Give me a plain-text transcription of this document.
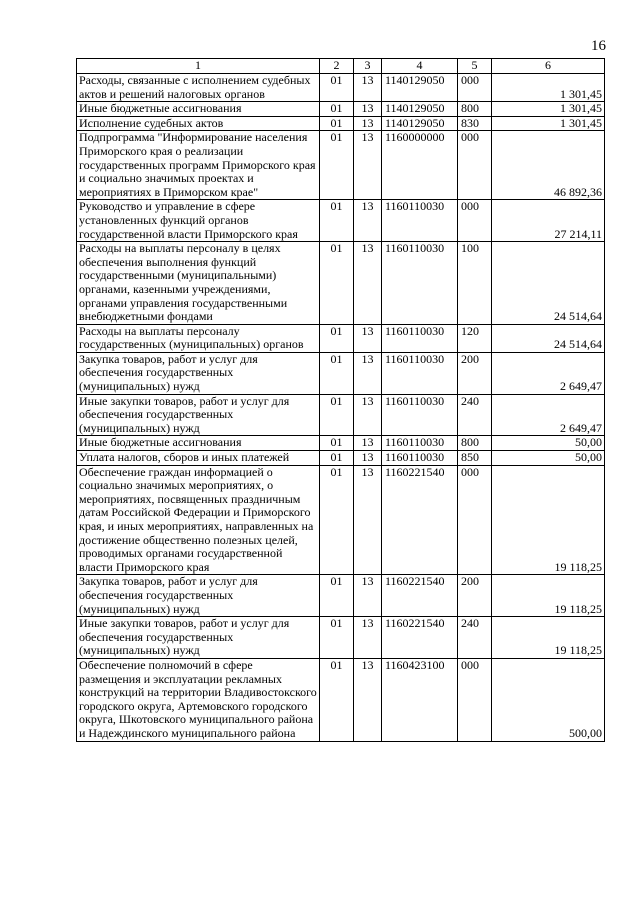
16
1	2	3	4	5	6
Расходы, связанные с исполнением судебных актов и решений налоговых органов	01	13	1140129050	000	1 301,45
Иные бюджетные ассигнования	01	13	1140129050	800	1 301,45
Исполнение судебных актов	01	13	1140129050	830	1 301,45
Подпрограмма "Информирование населения Приморского края о реализации государственных программ Приморского края и социально значимых проектах и мероприятиях в Приморском крае"	01	13	1160000000	000	46 892,36
Руководство и управление в сфере установленных функций органов государственной власти Приморского края	01	13	1160110030	000	27 214,11
Расходы на выплаты персоналу в целях обеспечения выполнения функций государственными (муниципальными) органами, казенными учреждениями, органами управления государственными внебюджетными фондами	01	13	1160110030	100	24 514,64
Расходы на выплаты персоналу государственных (муниципальных) органов	01	13	1160110030	120	24 514,64
Закупка товаров, работ и услуг для обеспечения государственных (муниципальных) нужд	01	13	1160110030	200	2 649,47
Иные закупки товаров, работ и услуг для обеспечения государственных (муниципальных) нужд	01	13	1160110030	240	2 649,47
Иные бюджетные ассигнования	01	13	1160110030	800	50,00
Уплата налогов, сборов и иных платежей	01	13	1160110030	850	50,00
Обеспечение граждан информацией о социально значимых мероприятиях, о мероприятиях, посвященных праздничным датам Российской Федерации и Приморского края, и иных мероприятиях, направленных на достижение общественно полезных целей, проводимых органами государственной власти Приморского края	01	13	1160221540	000	19 118,25
Закупка товаров, работ и услуг для обеспечения государственных (муниципальных) нужд	01	13	1160221540	200	19 118,25
Иные закупки товаров, работ и услуг для обеспечения государственных (муниципальных) нужд	01	13	1160221540	240	19 118,25
Обеспечение полномочий в сфере размещения и эксплуатации рекламных конструкций на территории Владивостокского городского округа, Артемовского городского округа, Шкотовского муниципального района и Надеждинского муниципального района	01	13	1160423100	000	500,00
